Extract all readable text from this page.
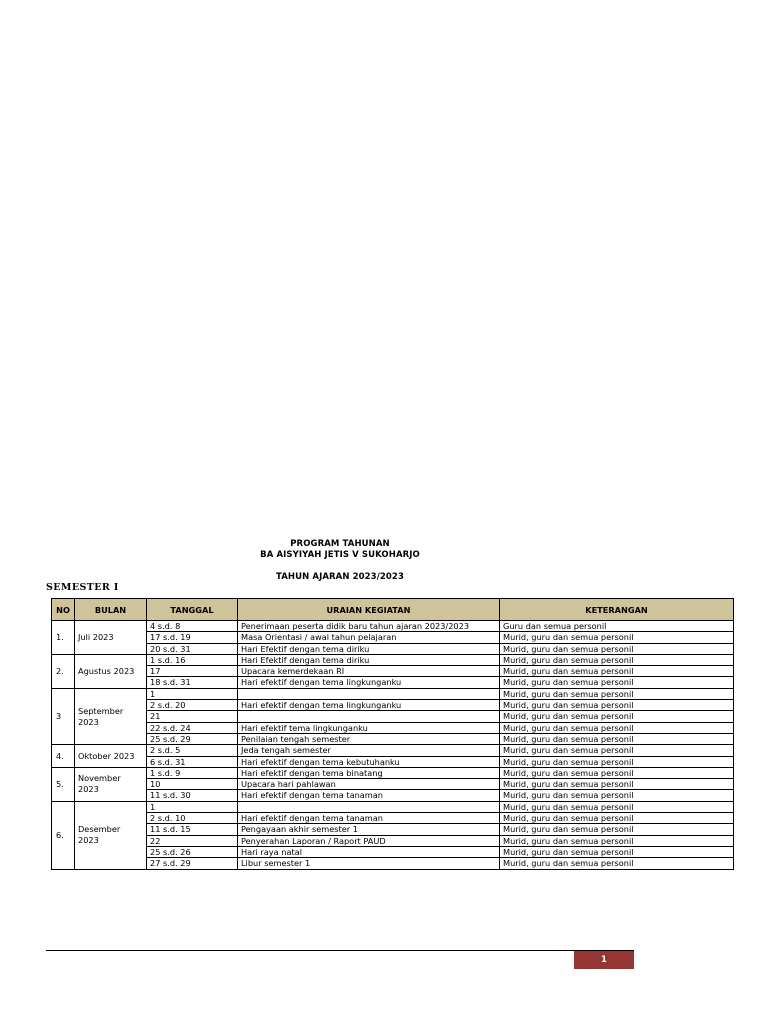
PROGRAM TAHUNAN
BA AISYIYAH JETIS V SUKOHARJO
TAHUN AJARAN 2023/2023
SEMESTER I
NO	BULAN	TANGGAL	URAIAN KEGIATAN	KETERANGAN
1.	Juli 2023	4 s.d. 8	Penerimaan peserta didik baru tahun ajaran 2023/2023	Guru dan semua personil
		17 s.d. 19	Masa Orientasi / awal tahun pelajaran	Murid, guru dan semua personil
		20 s.d. 31	Hari Efektif dengan tema diriku	Murid, guru dan semua personil
2.	Agustus 2023	1 s.d. 16	Hari Efektif dengan tema diriku	Murid, guru dan semua personil
		17	Upacara kemerdekaan RI	Murid, guru dan semua personil
		18 s.d. 31	Hari efektif dengan tema lingkunganku	Murid, guru dan semua personil
3	September 2023	1		Murid, guru dan semua personil
		2 s.d. 20	Hari efektif dengan tema lingkunganku	Murid, guru dan semua personil
		21		Murid, guru dan semua personil
		22 s.d. 24	Hari efektif tema lingkunganku	Murid, guru dan semua personil
		25 s.d. 29	Penilaian tengah semester	Murid, guru dan semua personil
4.	Oktober 2023	2 s.d. 5	Jeda tengah semester	Murid, guru dan semua personil
		6 s.d. 31	Hari efektif dengan tema kebutuhanku	Murid, guru dan semua personil
5.	November 2023	1 s.d. 9	Hari efektif dengan tema binatang	Murid, guru dan semua personil
		10	Upacara hari pahlawan	Murid, guru dan semua personil
		11 s.d. 30	Hari efektif dengan tema tanaman	Murid, guru dan semua personil
6.	Desember 2023	1		Murid, guru dan semua personil
		2 s.d. 10	Hari efektif dengan tema tanaman	Murid, guru dan semua personil
		11 s.d. 15	Pengayaan akhir semester 1	Murid, guru dan semua personil
		22	Penyerahan Laporan / Raport PAUD	Murid, guru dan semua personil
		25 s.d. 26	Hari raya natal	Murid, guru dan semua personil
		27 s.d. 29	Libur semester 1	Murid, guru dan semua personil
1
